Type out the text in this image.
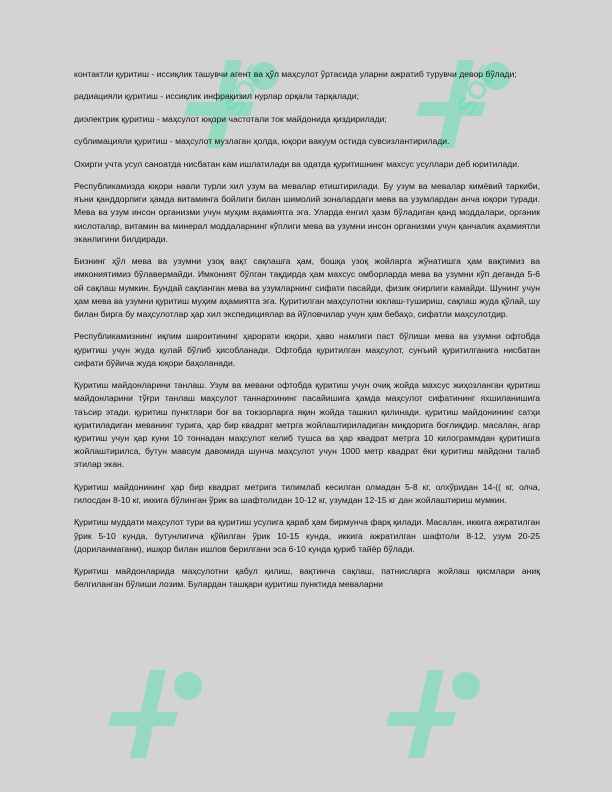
SOF	SOF

контактли қуритиш - иссиқлик ташувчи агент ва ҳўл маҳсулот ўртасида уларни ажратиб турувчи девор бўлади;

радиацияли қуритиш - иссиқлик инфрақизил нурлар орқали тарқалади;

диэлектрик қуритиш - маҳсулот юқори частотали ток майдонида қиздирилади;

сублимацияли қуритиш - маҳсулот музлаган ҳолда, юқори вакуум остида сувсизлантирилади.

Охирги учта усул саноатда нисбатан кам ишлатилади ва одатда қуритишнинг махсус усуллари деб юритилади.

Республикамизда юқори навли турли хил узум ва мевалар етиштирилади. Бу узум ва мевалар кимёвий таркиби, яъни қанддорлиги ҳамда витаминга бойлиги билан шимолий зоналардаги мева ва узумлардан анча юқори туради. Мева ва узум инсон организми учун муҳим аҳамиятга эга. Уларда енгил ҳазм бўладиган қанд моддалари, органик кислоталар, витамин ва минерал моддаларнинг кўплиги мева ва узумни инсон организми учун қанчалик аҳамиятли эканлигини билдиради.

Бизнинг ҳўл мева ва узумни узоқ вақт сақлашга ҳам, бошқа узоқ жойларга жўнатишга ҳам вақтимиз ва имкониятимиз бўлавермайди. Имконият бўлган тақдирда ҳам махсус омборларда мева ва узумни кўп деганда 5-6 ой сақлаш мумкин. Бундай сақланган мева ва узумларнинг сифати пасайди, физик оғирлиги камайди. Шунинг учун ҳам мева ва узумни қуритиш муҳим аҳамиятга эга. Қуритилган маҳсулотни юклаш-тушириш, сақлаш жуда қўлай, шу билан бирга бу маҳсулотлар ҳар хил экспедициялар ва йўловчилар учун ҳам бебаҳо, сифатли маҳсулотдир.

Республикамизнинг иқлим шароитининг ҳарорати юқори, ҳаво намлиги паст бўлиши мева ва узумни офтобда қуритиш учун жуда қулай бўлиб ҳисобланади. Офтобда қуритилган маҳсулот, сунъий қуритилганига нисбатан сифати бўйича жуда юқори баҳоланади.

Қуритиш майдонларини танлаш. Узум ва мевани офтобда қуритиш учун очиқ жойда махсус жиҳозланган қуритиш майдонларини тўғри танлаш маҳсулот таннархининг пасайишига ҳамда маҳсулот сифатининг яхшиланишига таъсир этади. қуритиш пунктлари боғ ва токзорларга яқин жойда ташкил қилинади. қуритиш майдонининг сатҳи қуритиладиган меванинг турига, ҳар бир квадрат метрга жойлаштириладиган миқдорига боғлиқдир. масалан, агар қуритиш учун ҳар куни 10 тоннадан маҳсулот келиб тушса ва ҳар квадрат метрга 10 килограммдан қуритишга жойлаштирилса, бутун мавсум давомида шунча маҳсулот учун 1000 метр квадрат ёки қуритиш майдони талаб этилар экан.

Қуритиш майдонининг ҳар бир квадрат метрига тилимлаб кесилган олмадан 5-8 кг, олхўридан 14-(( кг, олча, гилосдан 8-10 кг, иккига бўлинган ўрик ва шафтолидан 10-12 кг, узумдан 12-15 кг дан жойлаштириш мумкин.

Қуритиш муддати маҳсулот тури ва қуритиш усулига қараб ҳам бирмунча фарқ қилади. Масалан, иккига ажратилган ўрик 5-10 кунда, бутунлигича қўйилган ўрик 10-15 кунда, иккига ажратилган шафтоли 8-12, узум 20-25 (дориланмагани), ишқор билан ишлов берилгани эса 6-10 кунда қуриб тайёр бўлади.

Қуритиш майдонларида маҳсулотни қабул қилиш, вақтинча сақлаш, патнисларга жойлаш қисмлари аниқ белгиланган бўлиши лозим. Булардан ташқари қуритиш пунктида меваларни
